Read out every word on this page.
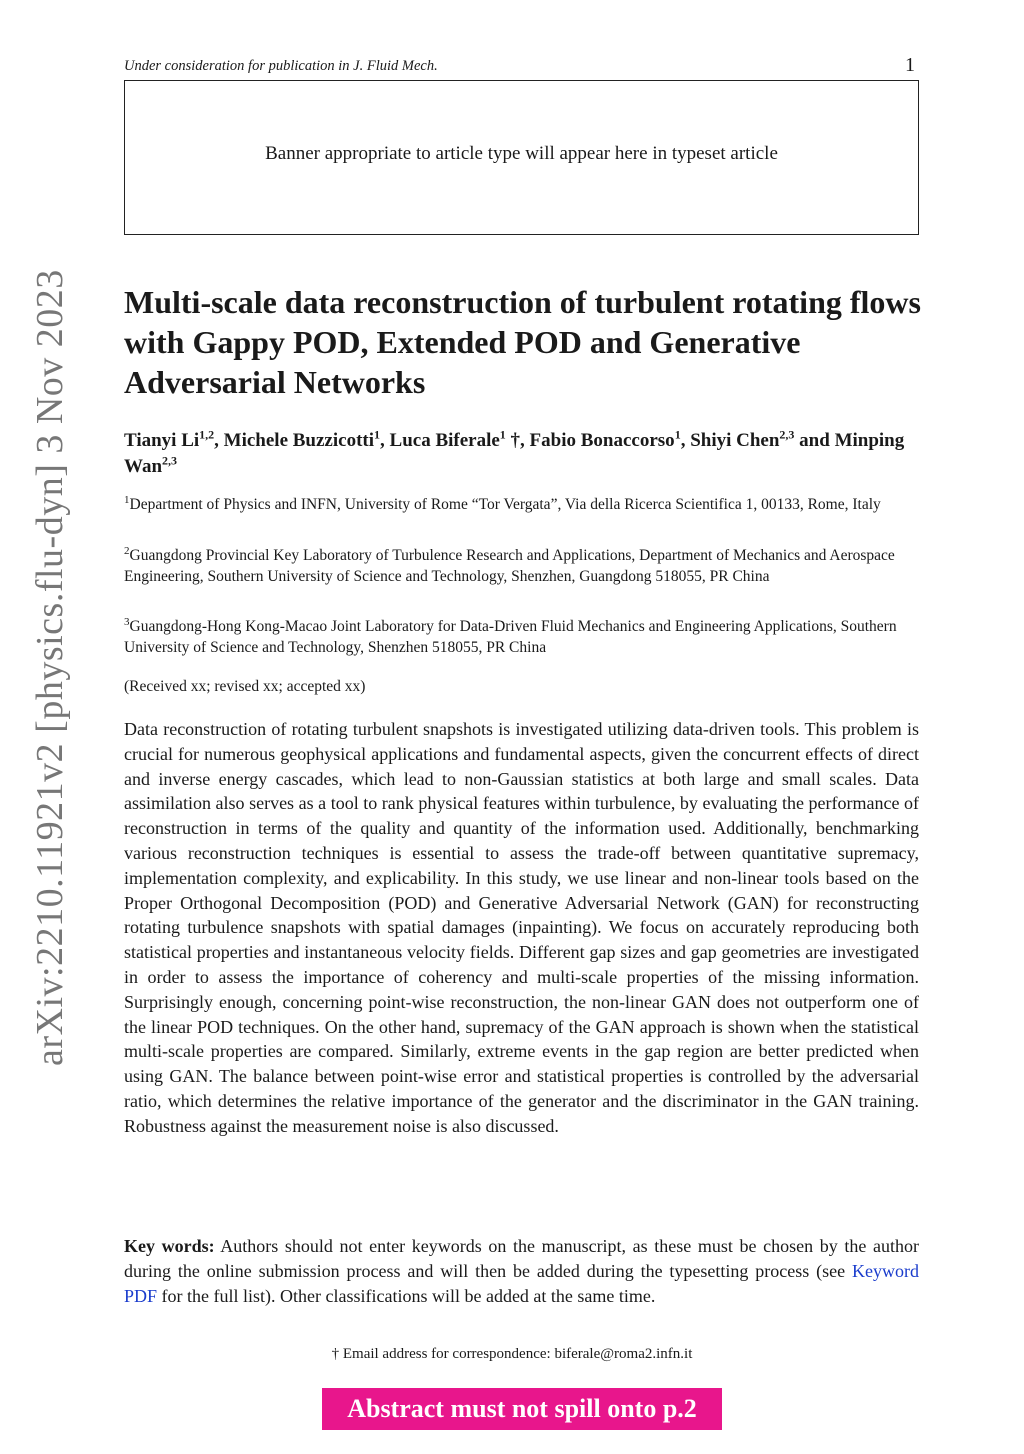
Under consideration for publication in J. Fluid Mech.	1
Banner appropriate to article type will appear here in typeset article
arXiv:2210.11921v2 [physics.flu-dyn] 3 Nov 2023 Multi-scale data reconstruction of turbulent rotating flows with Gappy POD, Extended POD and Generative Adversarial Networks
Tianyi Li$^{1,2}$, Michele Buzzicotti$^1$, Luca Biferale$^1$ †, Fabio Bonaccorso$^1$, Shiyi Chen$^{2,3}$ and Minping Wan$^{2,3}$
$^1$Department of Physics and INFN, University of Rome “Tor Vergata”, Via della Ricerca Scientifica 1, 00133, Rome, Italy
$^2$Guangdong Provincial Key Laboratory of Turbulence Research and Applications, Department of Mechanics and Aerospace Engineering, Southern University of Science and Technology, Shenzhen, Guangdong 518055, PR China
$^3$Guangdong-Hong Kong-Macao Joint Laboratory for Data-Driven Fluid Mechanics and Engineering Applications, Southern University of Science and Technology, Shenzhen 518055, PR China
(Received xx; revised xx; accepted xx)

Data reconstruction of rotating turbulent snapshots is investigated utilizing data-driven tools. This problem is crucial for numerous geophysical applications and fundamental aspects, given the concurrent effects of direct and inverse energy cascades, which lead to non-Gaussian statistics at both large and small scales. Data assimilation also serves as a tool to rank physical features within turbulence, by evaluating the performance of reconstruction in terms of the quality and quantity of the information used. Additionally, benchmarking various reconstruction techniques is essential to assess the trade-off between quantitative supremacy, implementation complexity, and explicability. In this study, we use linear and non-linear tools based on the Proper Orthogonal Decomposition (POD) and Generative Adversarial Network (GAN) for reconstructing rotating turbulence snapshots with spatial damages (inpainting). We focus on accurately reproducing both statistical properties and instantaneous velocity fields. Different gap sizes and gap geometries are investigated in order to assess the importance of coherency and multi-scale properties of the missing information. Surprisingly enough, concerning point-wise reconstruction, the non-linear GAN does not outperform one of the linear POD techniques. On the other hand, supremacy of the GAN approach is shown when the statistical multi-scale properties are compared. Similarly, extreme events in the gap region are better predicted when using GAN. The balance between point-wise error and statistical properties is controlled by the adversarial ratio, which determines the relative importance of the generator and the discriminator in the GAN training. Robustness against the measurement noise is also discussed.

Key words: Authors should not enter keywords on the manuscript, as these must be chosen by the author during the online submission process and will then be added during the typesetting process (see Keyword PDF for the full list). Other classifications will be added at the same time.

† Email address for correspondence: biferale@roma2.infn.it
Abstract must not spill onto p.2
